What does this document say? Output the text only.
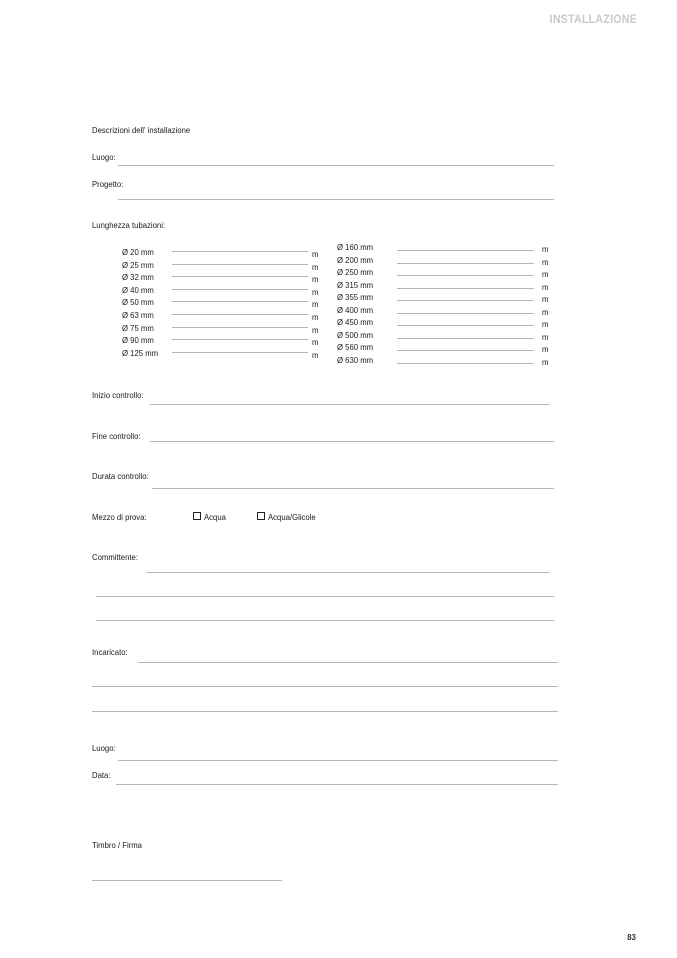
INSTALLAZIONE
Descrizioni dell' installazione
Luogo:
Progetto:
Lunghezza tubazioni:
Ø 20 mm	m
Ø 25 mm	m
Ø 32 mm	m
Ø 40 mm	m
Ø 50 mm	m
Ø 63 mm	m
Ø 75 mm	m
Ø 90 mm	m
Ø 125 mm	m
Ø 160 mm	m
Ø 200 mm	m
Ø 250 mm	m
Ø 315 mm	m
Ø 355 mm	m
Ø 400 mm	m
Ø 450 mm	m
Ø 500 mm	m
Ø 560 mm	m
Ø 630 mm	m
Inizio controllo:
Fine controllo:
Durata controllo:
Mezzo di prova:	Acqua	Acqua/Glicole
Committente:
Incaricato:
Luogo:
Data:
Timbro / Firma
83
